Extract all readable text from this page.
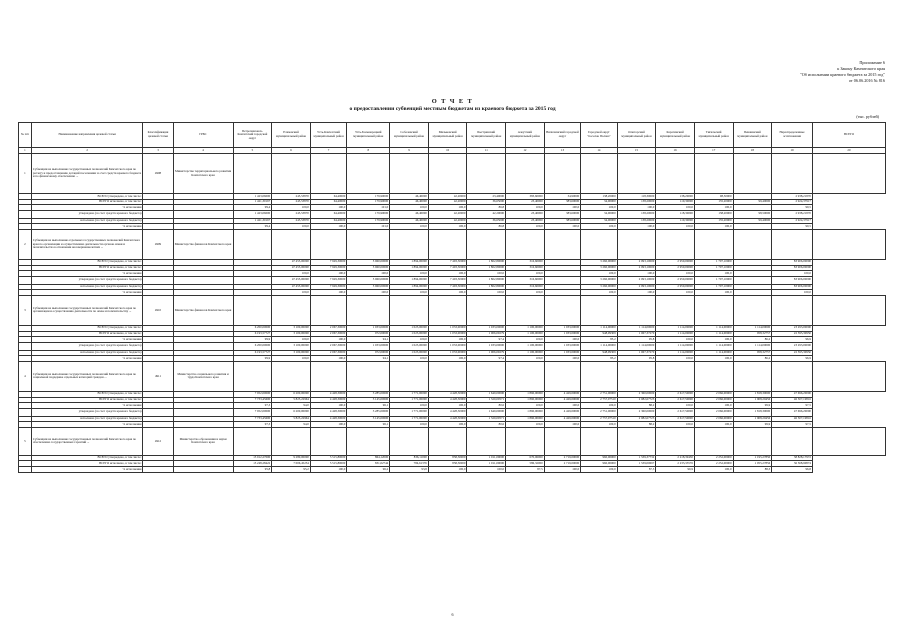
Приложение 6
к Закону Камчатского края
"Об исполнении краевого бюджета за 2015 год"
от 06.06.2016 № 816
О Т Ч Е Т
о предоставлении субвенций местным бюджетам из краевого бюджета за 2015 год
(тыс. рублей)
№ п/п	Наименование направления целевой статьи	Классификация целевой статьи	ГРБС	Петропавловск-Камчатский городской округ	Елизовский муниципальный район	Усть-Камчатский муниципальный район	Усть-Большерецкий муниципальный район	Соболевский муниципальный район	Мильковский муниципальный район	Быстринский муниципальный район	Алеутский муниципальный район	Вилючинский городской округ	Городской округ "поселок Палана"	Олюторский муниципальный район	Карагинский муниципальный район	Тигильский муниципальный район	Пенжинский муниципальный район	Нераспределенные ассигнования	ВСЕГО
1	2	3	4	5	6	7	8	9	10	11	12	13	14	15	16	17	18	19	20
1	Субвенции на выполнение государственных полномочий Камчатского края по расчету и предоставлению дотаций поселениям за счет средств краевого бюджета и по финансовому обеспечению ...	4908	Министерство территориального развития Камчатского края																
	ВСЕГО утверждено, в том числе:			1 423,06000	245,53870	64,40000	179,90000	46,40000	42,20000	23,40000	383,60000	34,90000	138,20000	118,30000	138,20000	98,50000		2 938,21870	
	ВСЕГО исполнено, в том числе:			1 421,30167	245,53870	64,40000	179,90000	46,40000	42,20000	36,65000	23,40000	383,60000	34,90000	138,20000	119,30000	135,20000	99,40000	2 924,37917	
	% исполнения			99,4	100,0	100,0	101,0	100,0	100,0	86,8	100,0	100,0	100,0	100,0	100,0	100,0		99,5	
	утверждено (за счет средств краевого бюджета)			1 423,06000	245,53870	64,40000	179,90000	46,40000	42,20000	42,20000	23,40000	383,60000	34,90000	138,20000	118,30000	138,20000	98,50000	2 938,21870	
	исполнено (за счет средств краевого бюджета)			1 421,30167	245,53870	64,40000	179,90000	46,40000	42,20000	36,65000	23,40000	383,60000	34,90000	138,20000	119,30000	135,20000	99,40000	2 924,37917	
	% исполнения			99,4	100,0	100,0	101,0	100,0	100,0	86,8	100,0	100,0	100,0	100,0	100,0	100,0		99,5	
2	Субвенции на выполнение отдельных государственных полномочий Камчатского края по организации и осуществлению деятельности органов опеки и попечительства в отношении несовершеннолетних ...	4909	Министерство финансов Камчатского края																
	ВСЕГО утверждено, в том числе:				47 455,00000	7 929,30000	5 960,00000	1 894,00000	7 493,30000	1 802,80000	316,60000		3 260,00000	2 093,10000	2 959,00000	1 707,10000		83 906,00000	
	ВСЕГО исполнено, в том числе:				47 455,00000	7 929,30000	5 960,00000	1 894,00000	7 493,30000	1 802,80000	316,60000		3 260,00000	2 093,10000	2 959,00000	1 707,10000		83 906,00000	
	% исполнения				100,0	100,0	100,0	100,0	100,0	100,0	100,0		100,0	100,0	100,0	100,0		100,0	
	утверждено (за счет средств краевого бюджета)				47 455,00000	7 929,30000	5 960,00000	1 894,00000	7 493,30000	1 802,80000	316,60000		3 260,00000	2 093,10000	2 959,00000	1 707,10000		83 906,00000	
	исполнено (за счет средств краевого бюджета)				47 455,00000	7 929,30000	5 960,00000	1 894,00000	7 493,30000	1 802,80000	316,60000		3 260,00000	2 093,10000	2 959,00000	1 707,10000		83 906,00000	
	% исполнения				100,0	100,0	100,0	100,0	100,0	100,0	100,0		100,0	100,0	100,0	100,0		100,0	
3	Субвенции на выполнение государственных полномочий Камчатского края по организации и осуществлению деятельности по опеке и попечительству ...	4910	Министерство финансов Камчатского края																
	ВСЕГО утверждено, в том числе:			6 200,00000	3 100,00000	2 067,30000	1 033,00000	1 023,00000	1 033,00000	1 033,00000	1 100,00000	1 033,00000	1 114,00000	1 114,00000	1 114,00000	1 114,00000	1 114,00000	23 293,00000	
	ВСЕГО исполнено, в том числе:			6 193,57727	3 100,00000	2 067,30000	972,00000	1 023,00000	1 033,00000	1 006,09279	1 100,00000	1 033,00000	948,99309	1 067,37270	1 114,00000	1 114,00000	958,32757	22 595,30950	
	% исполнения			99,9	100,0	100,0	94,1	100,0	100,0	97,4	100,0	100,0	85,2	95,8	100,0	100,0	86,2	96,9	
	утверждено (за счет средств краевого бюджета)			6 200,00000	3 100,00000	2 067,30000	1 033,00000	1 023,00000	1 033,00000	1 033,00000	1 100,00000	1 033,00000	1 114,00000	1 114,00000	1 114,00000	1 114,00000	1 114,00000	23 293,00000	
	исполнено (за счет средств краевого бюджета)			6 193,57727	3 100,00000	2 067,30000	972,00000	1 023,00000	1 033,00000	1 006,09279	1 100,00000	1 033,00000	948,99309	1 067,37270	1 114,00000	1 114,00000	958,32757	22 595,30950	
	% исполнения			99,9	100,0	100,0	94,1	100,0	100,0	97,4	100,0	100,0	85,2	95,8	100,0	100,0	86,2	96,9	
4	Субвенции на выполнение государственных полномочий Камчатского края по социальной поддержке отдельных категорий граждан ...	4911	Министерство социального развития и труда Камчатского края																
	ВСЕГО утверждено, в том числе:			7 952,00000	6 200,00000	4 428,30000	3 285,00000	1 771,00000	4 428,30000	1 649,00000	1 860,00000	4 429,00000	2 751,00000	2 360,00000	2 617,50000	2 066,00000	1 818,30000	47 696,20000	
	ВСЕГО исполнено, в том числе:			7 733,45600	5 825,22964	4 428,30000	3 145,00000	1 771,00000	4 428,30000	1 329,00571	1 860,00000	4 429,00000	2 757,07510	2 082,67725	2 617,50000	2 066,00000	1 908,29456	46 507,19816	
	% исполнения			97,3	94,0	100,0	96,1	100,0	100,0	80,6	100,0	100,0	100,0	88,2	100,0	100,0	99,9	97,5	
	утверждено (за счет средств краевого бюджета)			7 952,00000	6 200,00000	4 428,30000	3 285,00000	1 771,00000	4 428,30000	1 649,00000	1 860,00000	4 429,00000	2 751,00000	2 360,00000	2 617,50000	2 066,00000	1 818,30000	47 696,20000	
	исполнено (за счет средств краевого бюджета)			7 733,45600	5 825,22964	4 428,30000	3 145,00000	1 771,00000	4 428,30000	1 329,00571	1 860,00000	4 429,00000	2 757,07510	2 082,67725	2 617,50000	2 066,00000	1 908,29456	46 507,19816	
	% исполнения			97,3	94,0	100,0	96,1	100,0	100,0	80,6	100,0	100,0	100,0	88,2	100,0	100,0	99,9	97,5	
5	Субвенции на выполнение государственных полномочий Камчатского края по обеспечению государственных гарантий ...	4912	Министерство образования и науки Камчатского края																
	ВСЕГО утверждено, в том числе:			15 912,27000	9 280,00000	5 515,80000	864,12000	836,11000	858,30000	1 011,09000	670,06000	2 719,00000	960,00000	1 539,37732	2 218,39430	2 252,00000	1 195,27850	38 828,17972	
	ВСЕГО исполнено, в том числе:			15 248,28422	7 006,45254	5 515,80000	831,02744	784,61376	858,30000	1 011,09000	586,32000	2 719,00000	960,00000	1 539,00697	2 233,33576	2 252,00000	1 055,27856	36 568,90874	
	% исполнения			95,8	95,2	100,0	96,2	93,8	100,0	100,0	87,5	100,0	100,0	87,5	99,9	100,0	88,3	96,8	
6
